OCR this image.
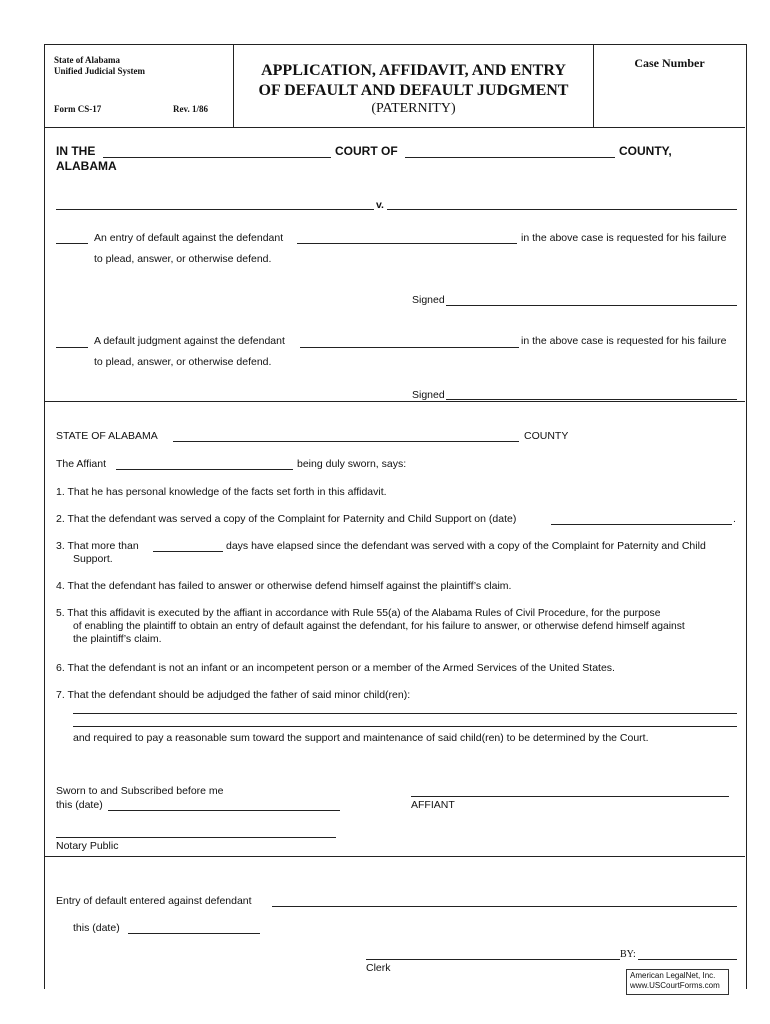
State of Alabama
Unified Judicial System
Form CS-17	Rev. 1/86
APPLICATION, AFFIDAVIT, AND ENTRY
OF DEFAULT AND DEFAULT JUDGMENT
(PATERNITY)
Case Number
IN THE	COURT OF	COUNTY,
ALABAMA
v.
An entry of default against the defendant	in the above case is requested for his failure
to plead, answer, or otherwise defend.
Signed
A default judgment against the defendant	in the above case is requested for his failure
to plead, answer, or otherwise defend.
Signed
STATE OF ALABAMA	COUNTY
The Affiant	being duly sworn, says:
1. That he has personal knowledge of the facts set forth in this affidavit.
2. That the defendant was served a copy of the Complaint for Paternity and Child Support on (date)	.
3. That more than	days have elapsed since the defendant was served with a copy of the Complaint for Paternity and Child
Support.
4. That the defendant has failed to answer or otherwise defend himself against the plaintiff’s claim.
5. That this affidavit is executed by the affiant in accordance with Rule 55(a) of the Alabama Rules of Civil Procedure, for the purpose
of enabling the plaintiff to obtain an entry of default against the defendant, for his failure to answer, or otherwise defend himself against
the plaintiff’s claim.
6. That the defendant is not an infant or an incompetent person or a member of the Armed Services of the United States.
7. That the defendant should be adjudged the father of said minor child(ren):
and required to pay a reasonable sum toward the support and maintenance of said child(ren) to be determined by the Court.
Sworn to and Subscribed before me
this (date)	AFFIANT
Notary Public
Entry of default entered against defendant
this (date)
BY:
Clerk
American LegalNet, Inc.
www.USCourtForms.com
